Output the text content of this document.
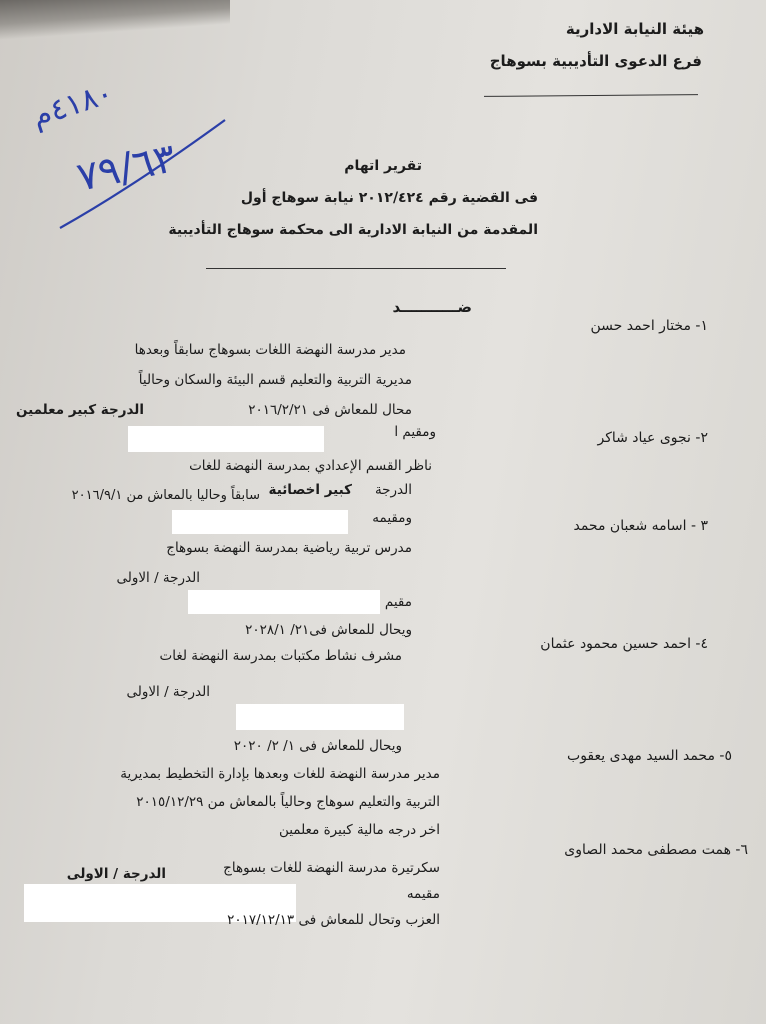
هيئة النيابة الادارية
فرع الدعوى التأديبية بسوهاج
٤١٨٠م
٧٩/٦٣	تقرير اتهام
فى القضية رقم ٢٠١٢/٤٢٤ نيابة سوهاج أول
المقدمة من النيابة الادارية الى محكمة سوهاج التأديبية
ضـــــــــــد
١- مختار احمد حسن
مدير مدرسة النهضة اللغات بسوهاج سابقاً وبعدها
مديرية التربية والتعليم قسم البيئة والسكان وحالياً
محال للمعاش فى ٢٠١٦/٢/٢١
الدرجة كبير معلمين
ومقيم ا	٢- نجوى عياد شاكر
ناظر القسم الإعدادي بمدرسة النهضة للغات
الدرجة
كبير اخصائية
سابقاً وحاليا بالمعاش من ٢٠١٦/٩/١
ومقيمه	٣ - اسامه شعبان محمد
مدرس تربية رياضية بمدرسة النهضة بسوهاج
الدرجة / الاولى
مقيم
ويحال للمعاش فى٢١/ ٢٠٢٨/١
٤- احمد حسين محمود عثمان
مشرف نشاط مكتبات بمدرسة النهضة لغات
الدرجة / الاولى
ويحال للمعاش فى ١/ ٢/ ٢٠٢٠
٥- محمد السيد مهدى يعقوب
مدير مدرسة النهضة للغات وبعدها بإدارة التخطيط بمديرية
التربية والتعليم سوهاج وحالياً بالمعاش من ٢٠١٥/١٢/٢٩
اخر درجه مالية كبيرة معلمين
٦- همت مصطفى محمد الصاوى
سكرتيرة مدرسة النهضة للغات بسوهاج
الدرجة / الاولى
مقيمه
العزب وتحال للمعاش فى ٢٠١٧/١٢/١٣
